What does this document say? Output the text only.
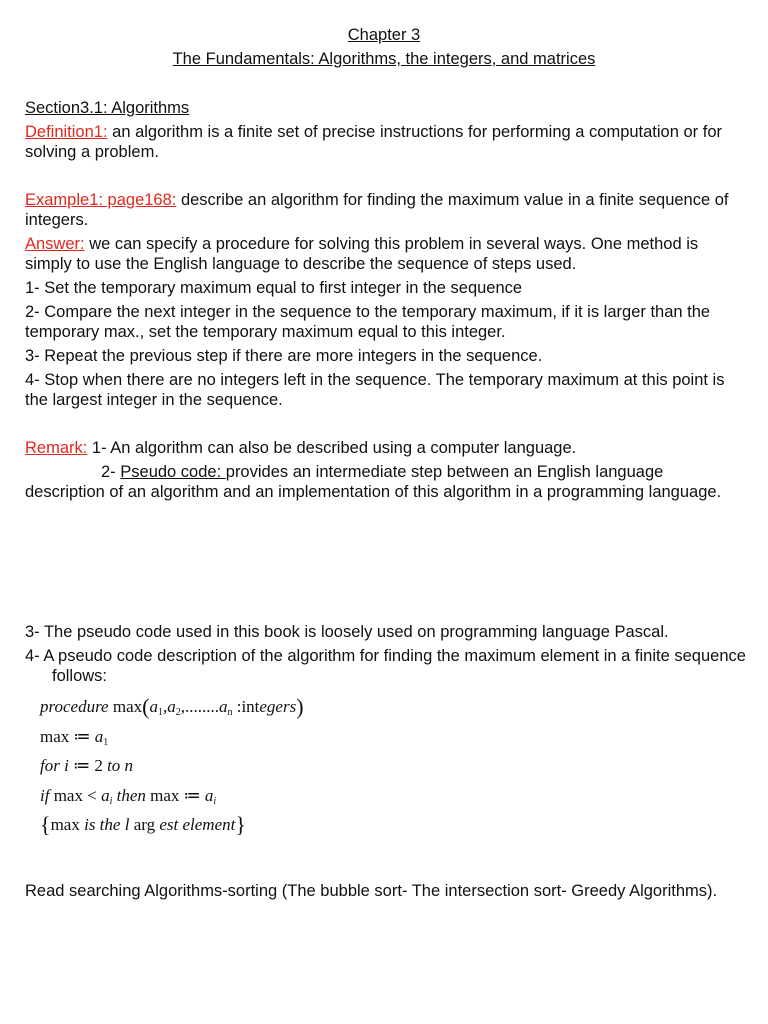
Chapter 3
The Fundamentals: Algorithms, the integers, and matrices
Section3.1: Algorithms
Definition1: an algorithm is a finite set of precise instructions for performing a computation or for solving a problem.
Example1: page168: describe an algorithm for finding the maximum value in a finite sequence of integers.
Answer: we can specify a procedure for solving this problem in several ways. One method is simply to use the English language to describe the sequence of steps used.
1- Set the temporary maximum equal to first integer in the sequence
2- Compare the next integer in the sequence to the temporary maximum, if it is larger than the temporary max., set the temporary maximum equal to this integer.
3- Repeat the previous step if there are more integers in the sequence.
4- Stop when there are no integers left in the sequence. The temporary maximum at this point is the largest integer in the sequence.
Remark: 1- An algorithm can also be described using a computer language.
2- Pseudo code: provides an intermediate step between an English language description of an algorithm and an implementation of this algorithm in a programming language.
3- The pseudo code used in this book is loosely used on programming language Pascal.
4- A pseudo code description of the algorithm for finding the maximum element in a finite sequence follows:
procedure $\max(a_1,a_2,........a_n$ :integers)
max ≔ $a_1$
for i ≔ 2 to n
if $\max < a_i$ then max ≔ $a_i$
{max is the l arg est element}
Read searching Algorithms-sorting (The bubble sort- The intersection sort- Greedy Algorithms).
